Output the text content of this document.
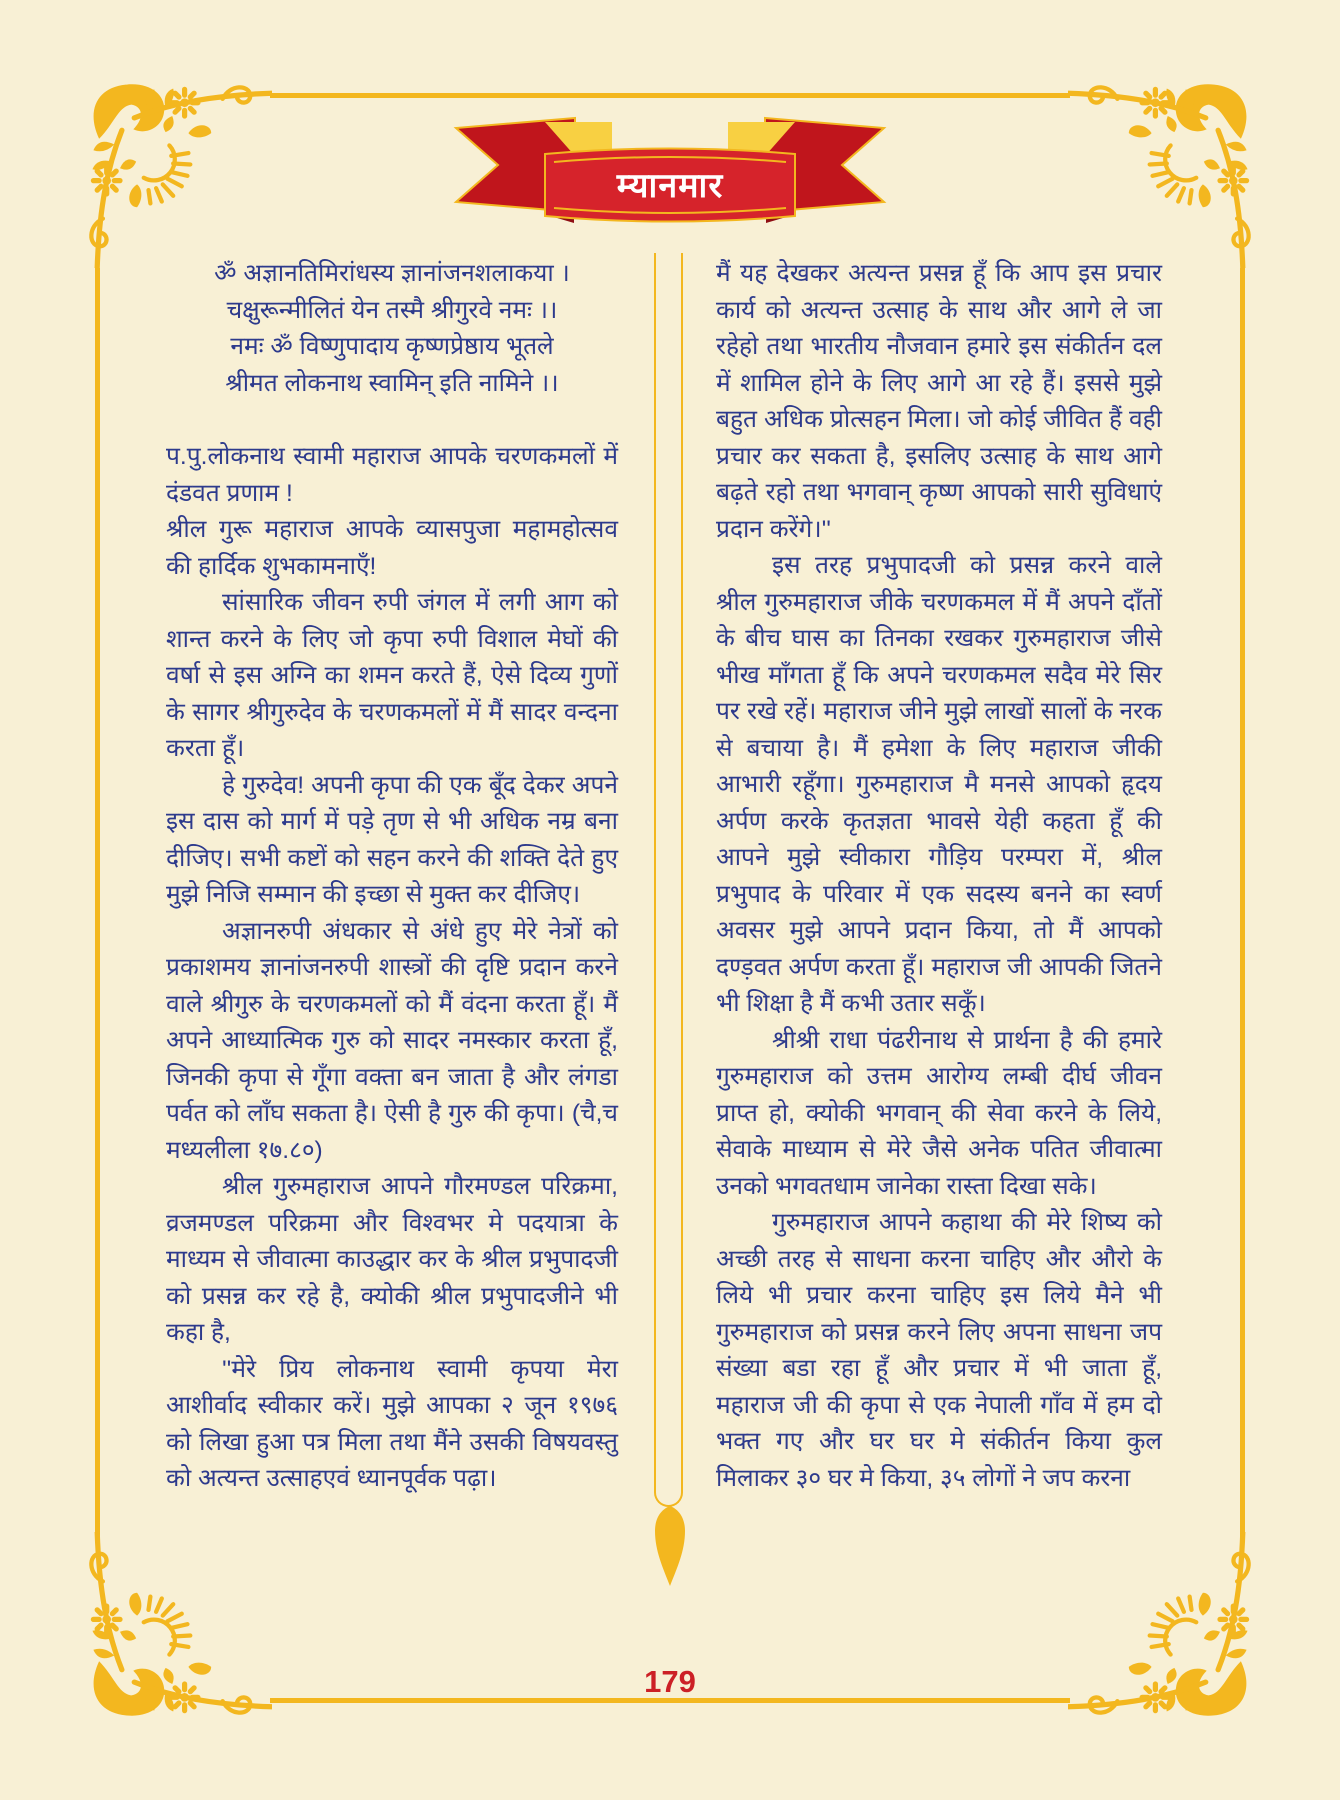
म्यानमार
ॐ अज्ञानतिमिरांधस्य ज्ञानांजनशलाकया ।
चक्षुरून्मीलितं येन तस्मै श्रीगुरवे नमः ।।
नमः ॐ विष्णुपादाय कृष्णप्रेष्ठाय भूतले
श्रीमत लोकनाथ स्वामिन् इति नामिने ।।

प.पु.लोकनाथ स्वामी महाराज आपके चरणकमलों में दंडवत प्रणाम !

श्रील गुरू महाराज आपके व्यासपुजा महामहोत्सव की हार्दिक शुभकामनाएँ!

सांसारिक जीवन रुपी जंगल में लगी आग को शान्त करने के लिए जो कृपा रुपी विशाल मेघों की वर्षा से इस अग्नि का शमन करते हैं, ऐसे दिव्य गुणों के सागर श्रीगुरुदेव के चरणकमलों में मैं सादर वन्दना करता हूँ।

हे गुरुदेव! अपनी कृपा की एक बूँद देकर अपने इस दास को मार्ग में पड़े तृण से भी अधिक नम्र बना दीजिए। सभी कष्टों को सहन करने की शक्ति देते हुए मुझे निजि सम्मान की इच्छा से मुक्त कर दीजिए।

अज्ञानरुपी अंधकार से अंधे हुए मेरे नेत्रों को प्रकाशमय ज्ञानांजनरुपी शास्त्रों की दृष्टि प्रदान करने वाले श्रीगुरु के चरणकमलों को मैं वंदना करता हूँ। मैं अपने आध्यात्मिक गुरु को सादर नमस्कार करता हूँ, जिनकी कृपा से गूँगा वक्ता बन जाता है और लंगडा पर्वत को लाँघ सकता है। ऐसी है गुरु की कृपा। (चै,च मध्यलीला १७.८०)

श्रील गुरुमहाराज आपने गौरमण्डल परिक्रमा, व्रजमण्डल परिक्रमा और विश्वभर मे पदयात्रा के माध्यम से जीवात्मा काउद्धार कर के श्रील प्रभुपादजी को प्रसन्न कर रहे है, क्योकी श्रील प्रभुपादजीने भी कहा है,

''मेरे प्रिय लोकनाथ स्वामी कृपया मेरा आशीर्वाद स्वीकार करें। मुझे आपका २ जून १९७६ को लिखा हुआ पत्र मिला तथा मैंने उसकी विषयवस्तु को अत्यन्त उत्साहएवं ध्यानपूर्वक पढ़ा।

मैं यह देखकर अत्यन्त प्रसन्न हूँ कि आप इस प्रचार कार्य को अत्यन्त उत्साह के साथ और आगे ले जा रहेहो तथा भारतीय नौजवान हमारे इस संकीर्तन दल में शामिल होने के लिए आगे आ रहे हैं। इससे मुझे बहुत अधिक प्रोत्सहन मिला। जो कोई जीवित हैं वही प्रचार कर सकता है, इसलिए उत्साह के साथ आगे बढ़ते रहो तथा भगवान् कृष्ण आपको सारी सुविधाएं प्रदान करेंगे।''

इस तरह प्रभुपादजी को प्रसन्न करने वाले श्रील गुरुमहाराज जीके चरणकमल में मैं अपने दाँतों के बीच घास का तिनका रखकर गुरुमहाराज जीसे भीख माँगता हूँ कि अपने चरणकमल सदैव मेरे सिर पर रखे रहें। महाराज जीने मुझे लाखों सालों के नरक से बचाया है। मैं हमेशा के लिए महाराज जीकी आभारी रहूँगा। गुरुमहाराज मै मनसे आपको हृदय अर्पण करके कृतज्ञता भावसे येही कहता हूँ की आपने मुझे स्वीकारा गौड़िय परम्परा में, श्रील प्रभुपाद के परिवार में एक सदस्य बनने का स्वर्ण अवसर मुझे आपने प्रदान किया, तो मैं आपको दण्ड़वत अर्पण करता हूँ। महाराज जी आपकी जितने भी शिक्षा है मैं कभी उतार सकूँ।

श्रीश्री राधा पंढरीनाथ से प्रार्थना है की हमारे गुरुमहाराज को उत्तम आरोग्य लम्बी दीर्घ जीवन प्राप्त हो, क्योकी भगवान् की सेवा करने के लिये, सेवाके माध्याम से मेरे जैसे अनेक पतित जीवात्मा उनको भगवतधाम जानेका रास्ता दिखा सके।

गुरुमहाराज आपने कहाथा की मेरे शिष्य को अच्छी तरह से साधना करना चाहिए और औरो के लिये भी प्रचार करना चाहिए इस लिये मैने भी गुरुमहाराज को प्रसन्न करने लिए अपना साधना जप संख्या बडा रहा हूँ और प्रचार में भी जाता हूँ, महाराज जी की कृपा से एक नेपाली गाँव में हम दो भक्त गए और घर घर मे संकीर्तन किया कुल मिलाकर ३० घर मे किया, ३५ लोगों ने जप करना

179
